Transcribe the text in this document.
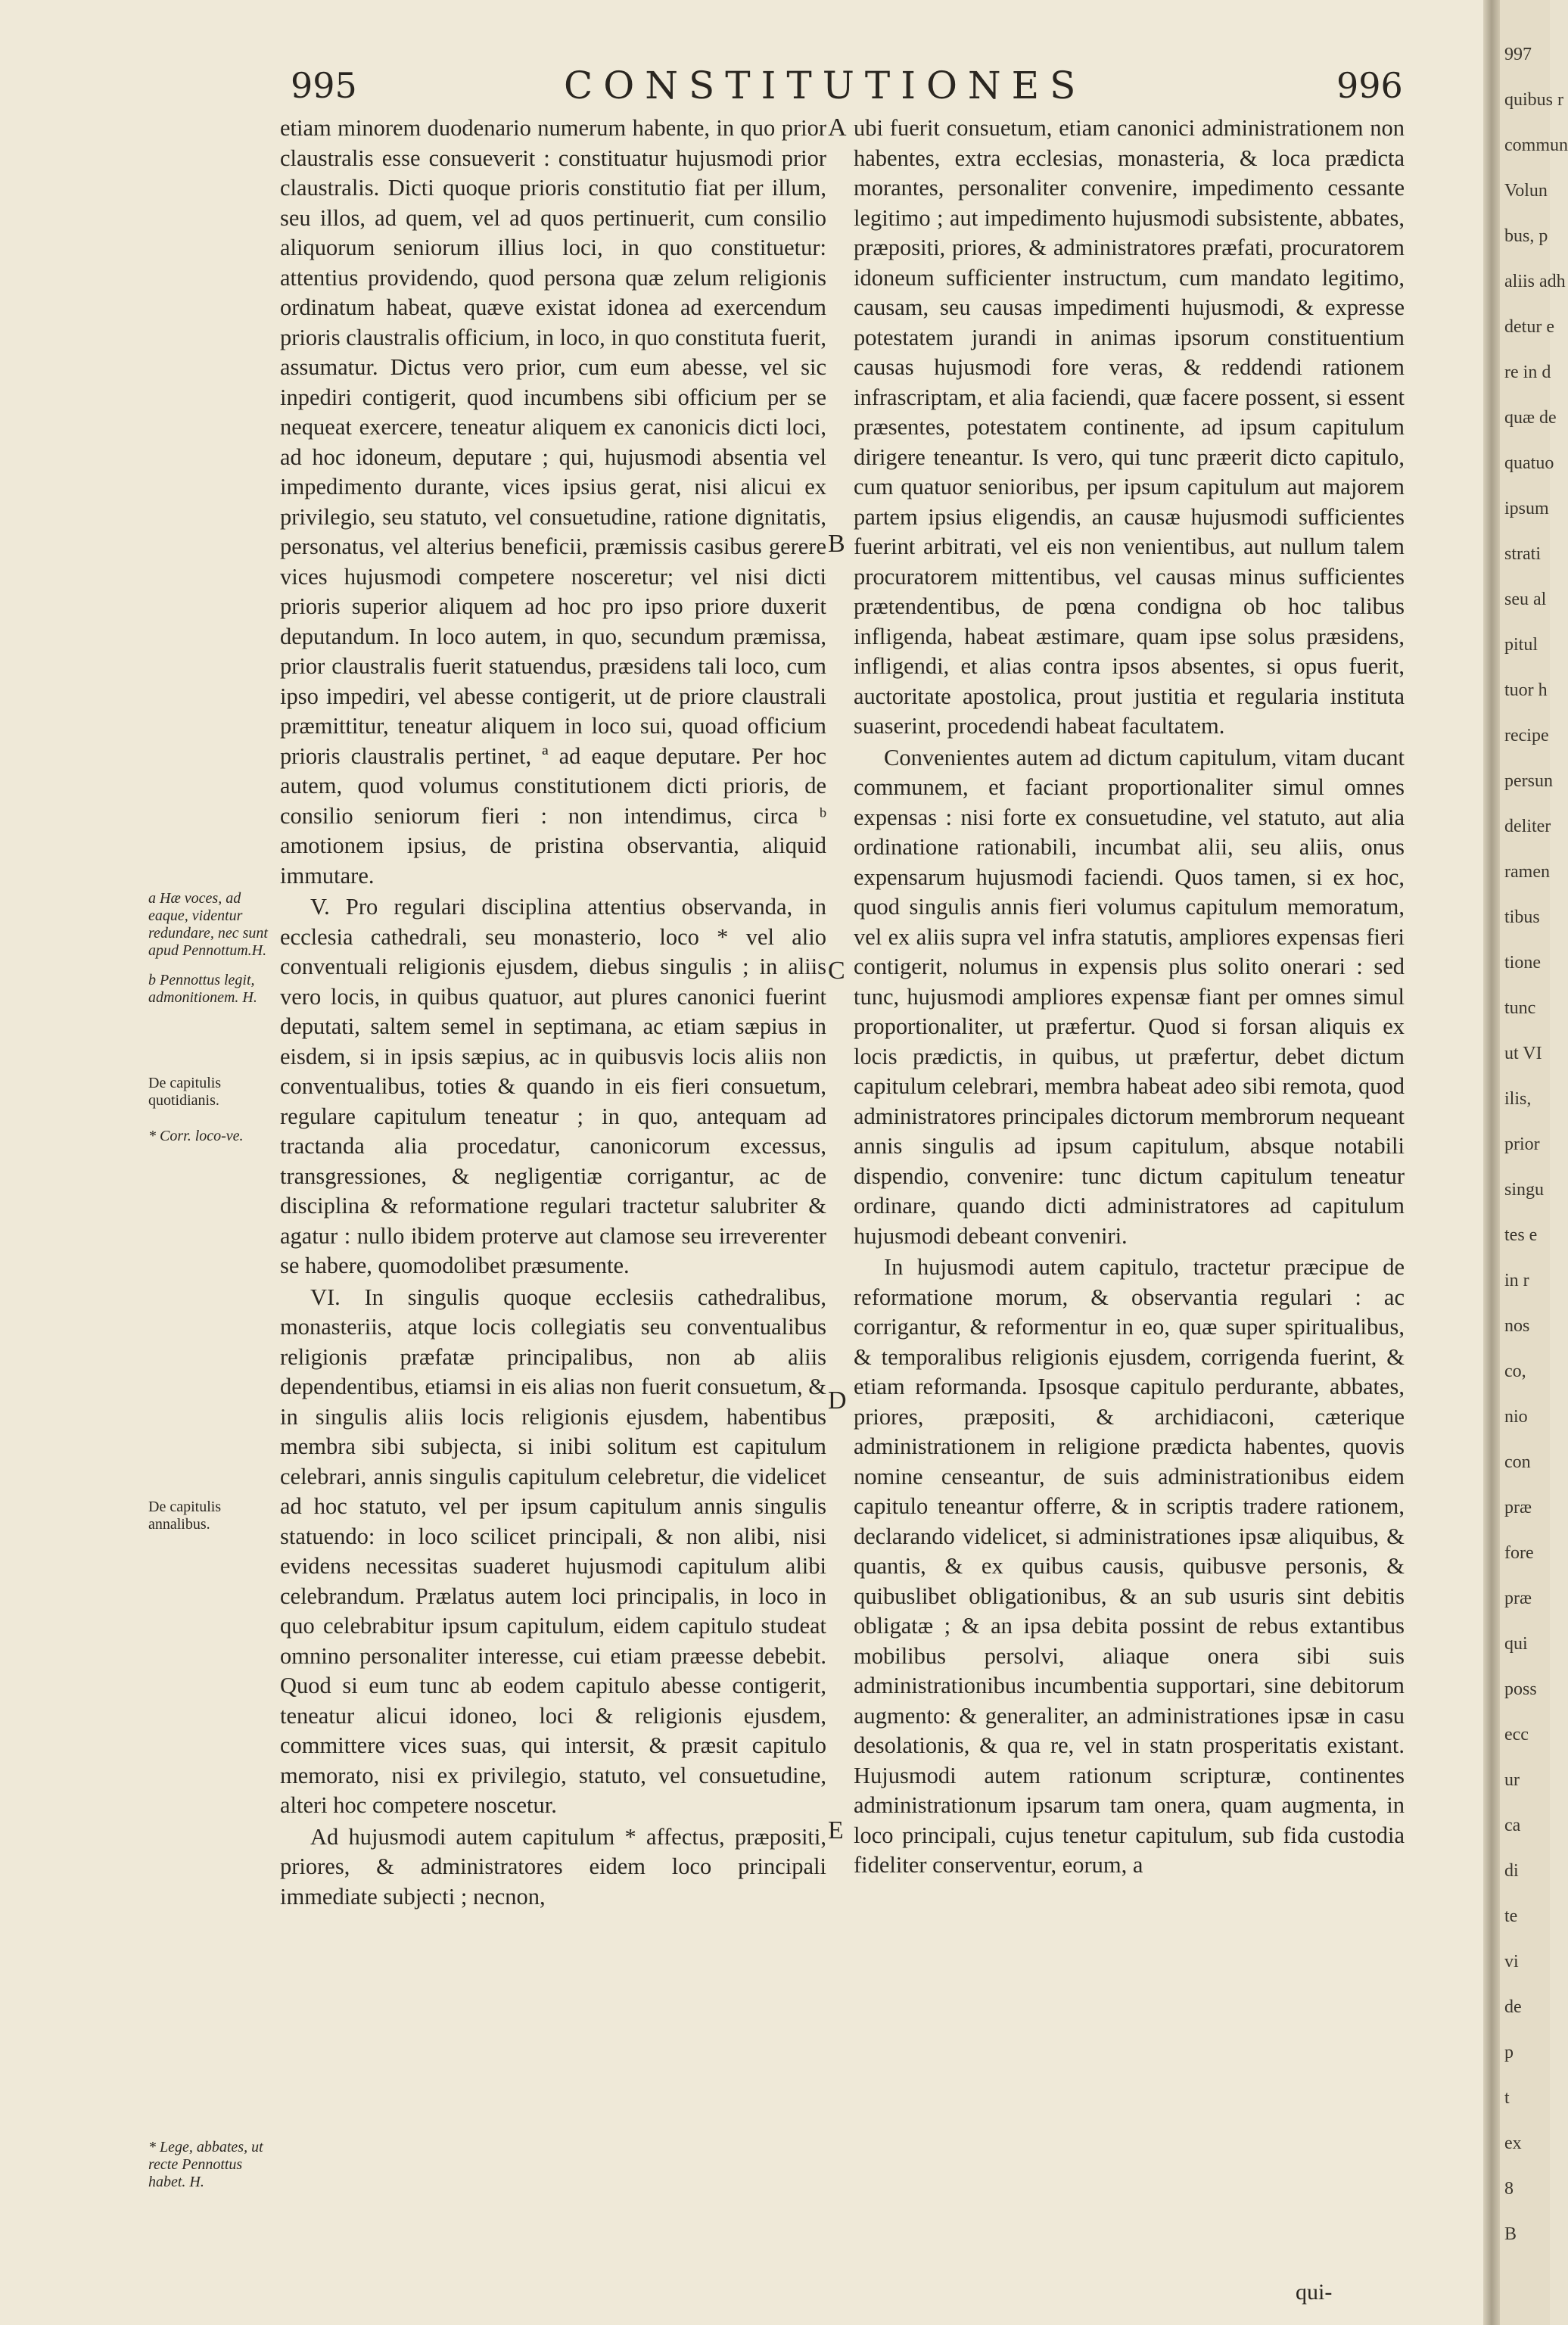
995	CONSTITUTIONES	996

etiam minorem duodenario numerum habente, in quo prior claustralis esse consueverit : constituatur hujusmodi prior claustralis. Dicti quoque prioris constitutio fiat per illum, seu illos, ad quem, vel ad quos pertinuerit, cum consilio aliquorum seniorum illius loci, in quo constituetur: attentius providendo, quod persona quæ zelum religionis ordinatum habeat, quæve existat idonea ad exercendum prioris claustralis officium, in loco, in quo constituta fuerit, assumatur. Dictus vero prior, cum eum abesse, vel sic inpediri contigerit, quod incumbens sibi officium per se nequeat exercere, teneatur aliquem ex canonicis dicti loci, ad hoc idoneum, deputare ; qui, hujusmodi absentia vel impedimento durante, vices ipsius gerat, nisi alicui ex privilegio, seu statuto, vel consuetudine, ratione dignitatis, personatus, vel alterius beneficii, præmissis casibus gerere vices hujusmodi competere nosceretur; vel nisi dicti prioris superior aliquem ad hoc pro ipso priore duxerit deputandum. In loco autem, in quo, secundum præmissa, prior claustralis fuerit statuendus, præsidens tali loco, cum ipso impediri, vel abesse contigerit, ut de priore claustrali præmittitur, teneatur aliquem in loco sui, quoad officium prioris claustralis pertinet, ª ad eaque deputare. Per hoc autem, quod volumus constitutionem dicti prioris, de consilio seniorum fieri : non intendimus, circa ᵇ amotionem ipsius, de pristina observantia, aliquid immutare.

V. Pro regulari disciplina attentius observanda, in ecclesia cathedrali, seu monasterio, loco * vel alio conventuali religionis ejusdem, diebus singulis ; in aliis vero locis, in quibus quatuor, aut plures canonici fuerint deputati, saltem semel in septimana, ac etiam sæpius in eisdem, si in ipsis sæpius, ac in quibusvis locis aliis non conventualibus, toties & quando in eis fieri consuetum, regulare capitulum teneatur ; in quo, antequam ad tractanda alia procedatur, canonicorum excessus, transgressiones, & negligentiæ corrigantur, ac de disciplina & reformatione regulari tractetur salubriter & agatur : nullo ibidem proterve aut clamose seu irreverenter se habere, quomodolibet præsumente.

VI. In singulis quoque ecclesiis cathedralibus, monasteriis, atque locis collegiatis seu conventualibus religionis præfatæ principalibus, non ab aliis dependentibus, etiamsi in eis alias non fuerit consuetum, & in singulis aliis locis religionis ejusdem, habentibus membra sibi subjecta, si inibi solitum est capitulum celebrari, annis singulis capitulum celebretur, die videlicet ad hoc statuto, vel per ipsum capitulum annis singulis statuendo: in loco scilicet principali, & non alibi, nisi evidens necessitas suaderet hujusmodi capitulum alibi celebrandum. Prælatus autem loci principalis, in loco in quo celebrabitur ipsum capitulum, eidem capitulo studeat omnino personaliter interesse, cui etiam præesse debebit. Quod si eum tunc ab eodem capitulo abesse contigerit, teneatur alicui idoneo, loci & religionis ejusdem, committere vices suas, qui intersit, & præsit capitulo memorato, nisi ex privilegio, statuto, vel consuetudine, alteri hoc competere noscetur.

Ad hujusmodi autem capitulum * affectus, præpositi, priores, & administratores eidem loco principali immediate subjecti ; necnon,

ubi fuerit consuetum, etiam canonici administrationem non habentes, extra ecclesias, monasteria, & loca prædicta morantes, personaliter convenire, impedimento cessante legitimo ; aut impedimento hujusmodi subsistente, abbates, præpositi, priores, & administratores præfati, procuratorem idoneum sufficienter instructum, cum mandato legitimo, causam, seu causas impedimenti hujusmodi, & expresse potestatem jurandi in animas ipsorum constituentium causas hujusmodi fore veras, & reddendi rationem infrascriptam, et alia faciendi, quæ facere possent, si essent præsentes, potestatem continente, ad ipsum capitulum dirigere teneantur. Is vero, qui tunc præerit dicto capitulo, cum quatuor senioribus, per ipsum capitulum aut majorem partem ipsius eligendis, an causæ hujusmodi sufficientes fuerint arbitrati, vel eis non venientibus, aut nullum talem procuratorem mittentibus, vel causas minus sufficientes prætendentibus, de pœna condigna ob hoc talibus infligenda, habeat æstimare, quam ipse solus præsidens, infligendi, et alias contra ipsos absentes, si opus fuerit, auctoritate apostolica, prout justitia et regularia instituta suaserint, procedendi habeat facultatem.

Convenientes autem ad dictum capitulum, vitam ducant communem, et faciant proportionaliter simul omnes expensas : nisi forte ex consuetudine, vel statuto, aut alia ordinatione rationabili, incumbat alii, seu aliis, onus expensarum hujusmodi faciendi. Quos tamen, si ex hoc, quod singulis annis fieri volumus capitulum memoratum, vel ex aliis supra vel infra statutis, ampliores expensas fieri contigerit, nolumus in expensis plus solito onerari : sed tunc, hujusmodi ampliores expensæ fiant per omnes simul proportionaliter, ut præfertur. Quod si forsan aliquis ex locis prædictis, in quibus, ut præfertur, debet dictum capitulum celebrari, membra habeat adeo sibi remota, quod administratores principales dictorum membrorum nequeant annis singulis ad ipsum capitulum, absque notabili dispendio, convenire: tunc dictum capitulum teneatur ordinare, quando dicti administratores ad capitulum hujusmodi debeant conveniri.

In hujusmodi autem capitulo, tractetur præcipue de reformatione morum, & observantia regulari : ac corrigantur, & reformentur in eo, quæ super spiritualibus, & temporalibus religionis ejusdem, corrigenda fuerint, & etiam reformanda. Ipsosque capitulo perdurante, abbates, priores, præpositi, & archidiaconi, cæterique administrationem in religione prædicta habentes, quovis nomine censeantur, de suis administrationibus eidem capitulo teneantur offerre, & in scriptis tradere rationem, declarando videlicet, si administrationes ipsæ aliquibus, & quantis, & ex quibus causis, quibusve personis, & quibuslibet obligationibus, & an sub usuris sint debitis obligatæ ; & an ipsa debita possint de rebus extantibus mobilibus persolvi, aliaque onera sibi suis administrationibus incumbentia supportari, sine debitorum augmento: & generaliter, an administrationes ipsæ in casu desolationis, & qua re, vel in statn prosperitatis existant. Hujusmodi autem rationum scripturæ, continentes administrationum ipsarum tam onera, quam augmenta, in loco principali, cujus tenetur capitulum, sub fida custodia fideliter conserventur, eorum, a

qui-
A
B
C
D
E
a Hæ voces, ad eaque, videntur redundare, nec sunt apud Pennottum.H.
b Pennottus legit, admonitionem. H.
De capitulis quotidianis.
* Corr. loco-ve.
De capitulis annalibus.
* Lege, abbates, ut recte Pennottus habet. H.
997
quibus r
commun
Volun
bus, p
aliis adh
detur e
re in d
quæ de
quatuo
ipsum
strati
seu al
pitul
tuor h
recipe
persun
deliter
ramen
tibus
tione
tunc
ut VI
ilis,
prior
singu
tes e
in r
nos
co,
nio
con
præ
fore
præ
qui
poss
ecc
ur
ca
di
te
vi
de
p
t
ex
8
B
